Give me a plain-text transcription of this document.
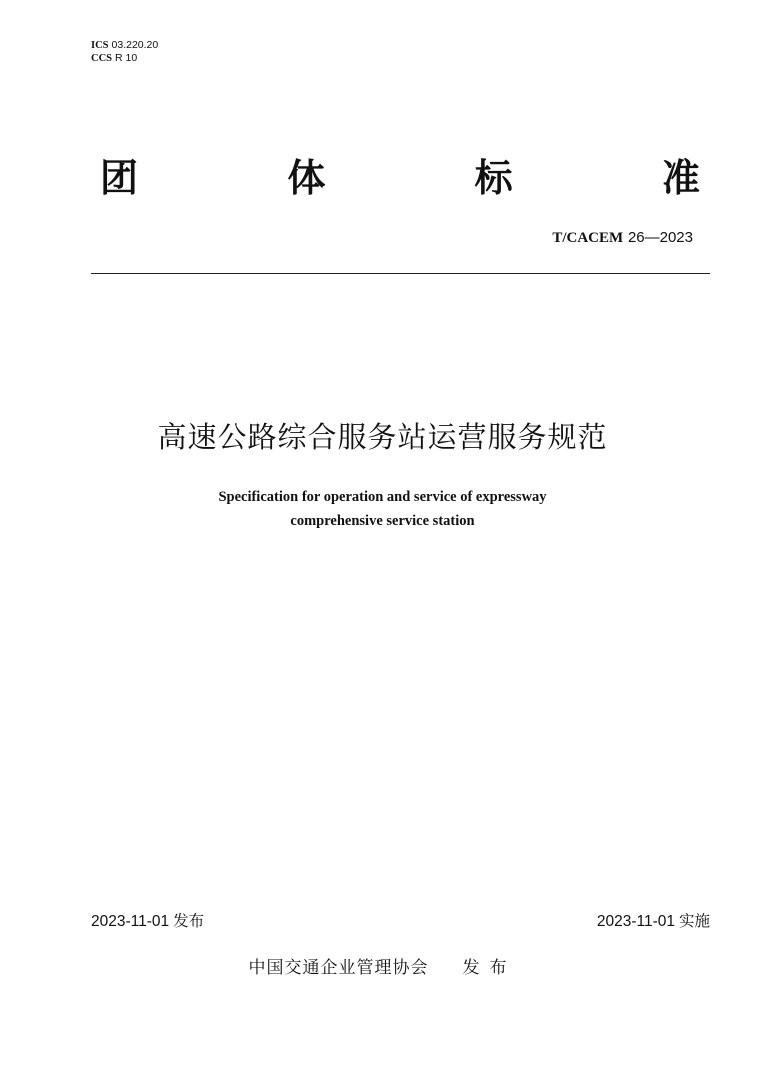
ICS 03.220.20
CCS R 10
团	体	标	准
T/CACEM 26—2023
高速公路综合服务站运营服务规范
Specification for operation and service of expressway
comprehensive service station
2023-11-01 发布	2023-11-01 实施
中国交通企业管理协会 发布
